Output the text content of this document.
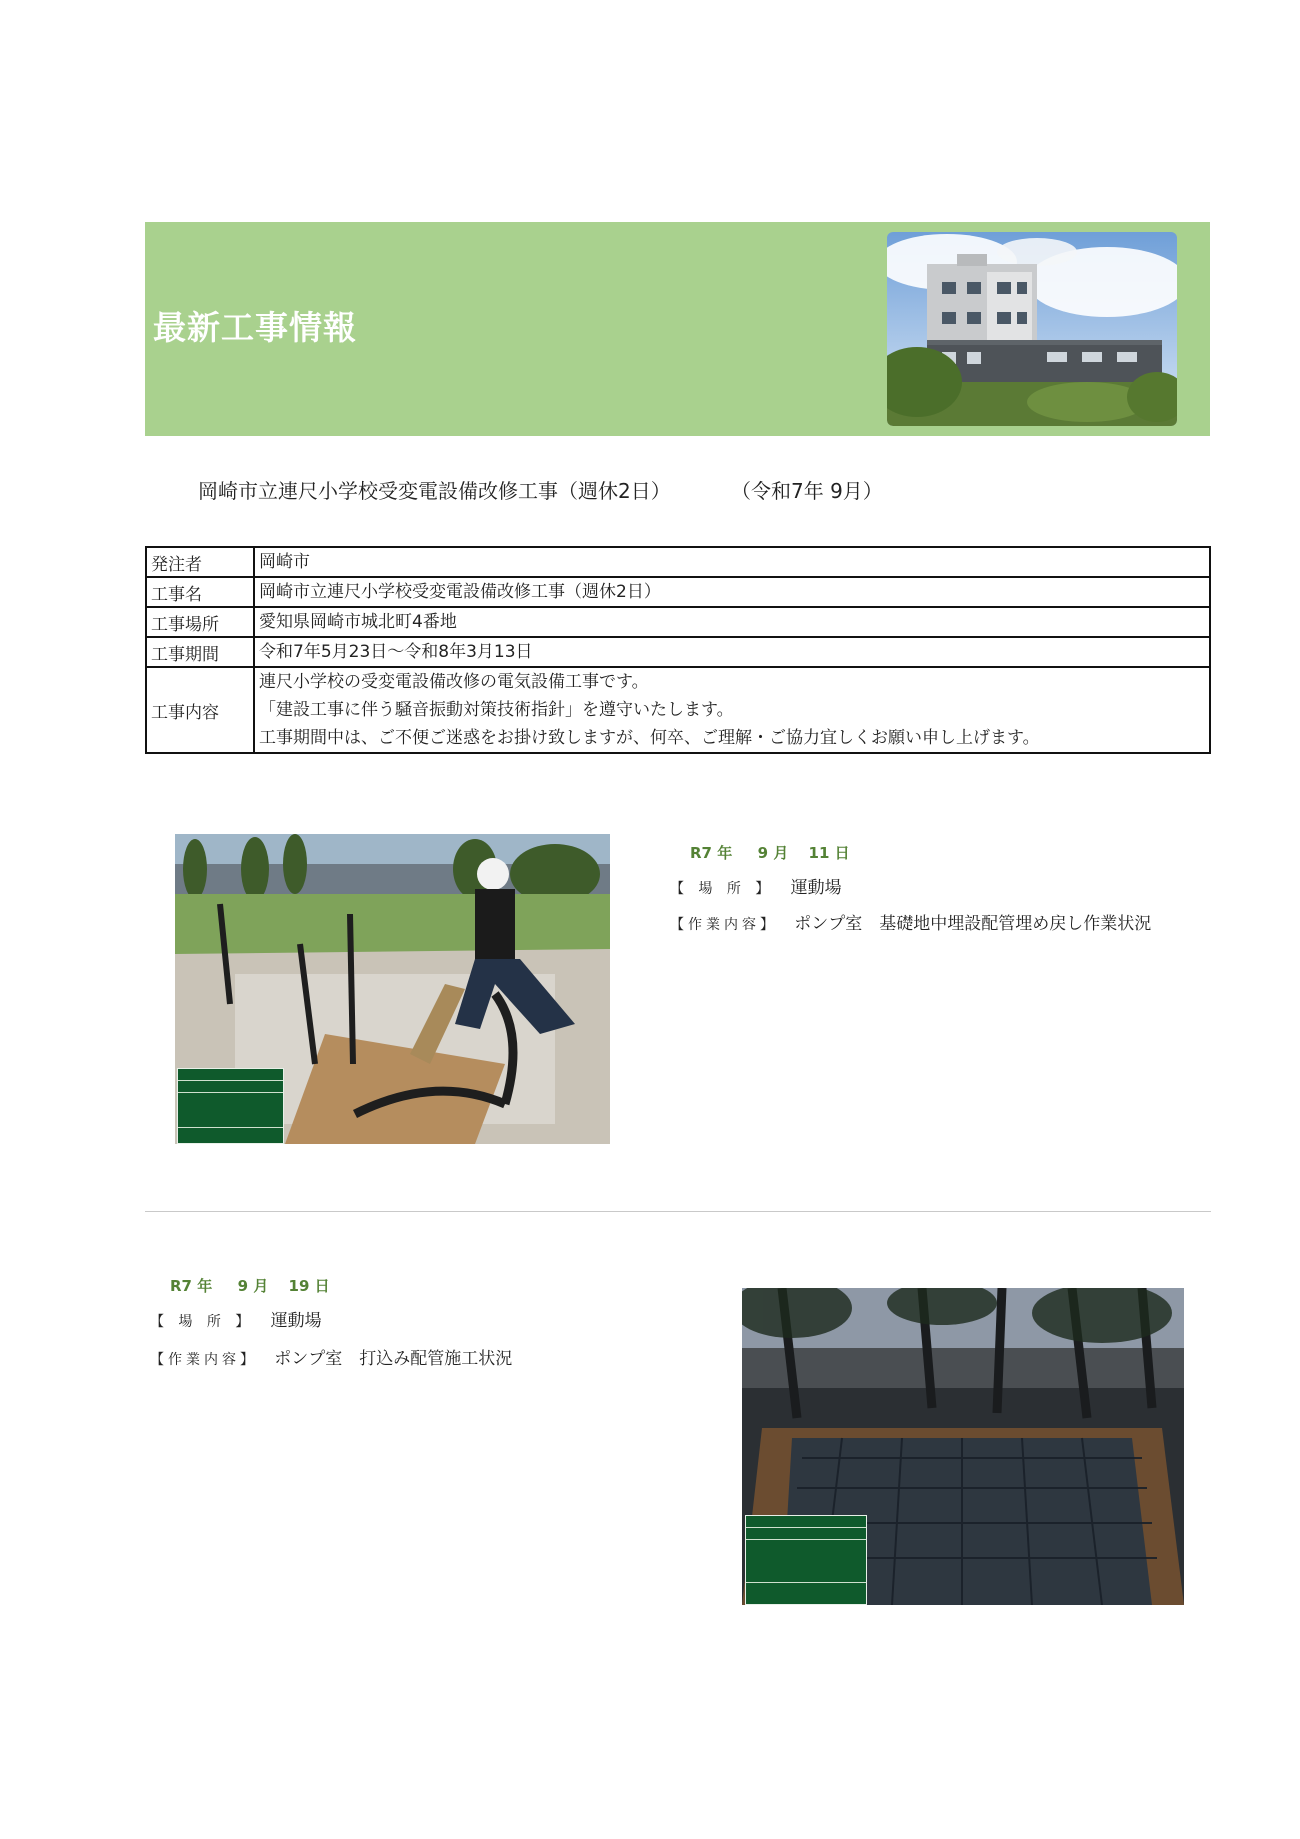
最新工事情報
岡崎市立連尺小学校受変電設備改修工事（週休2日）	（令和7年 9月）
発注者	岡崎市

工事名	岡崎市立連尺小学校受変電設備改修工事（週休2日）

工事場所	愛知県岡崎市城北町4番地

工事期間	令和7年5月23日～令和8年3月13日

工事内容	連尺小学校の受変電設備改修の電気設備工事です。
「建設工事に伴う騒音振動対策技術指針」を遵守いたします。
工事期間中は、ご不便ご迷惑をお掛け致しますが、何卒、ご理解・ご協力宜しくお願い申し上げます。
R7 年　  9 月　 11 日
【 場 所 】 運動場
【作業内容】 ポンプ室　基礎地中埋設配管埋め戻し作業状況
R7 年　  9 月　 19 日
【 場 所 】 運動場
【作業内容】 ポンプ室　打込み配管施工状況
